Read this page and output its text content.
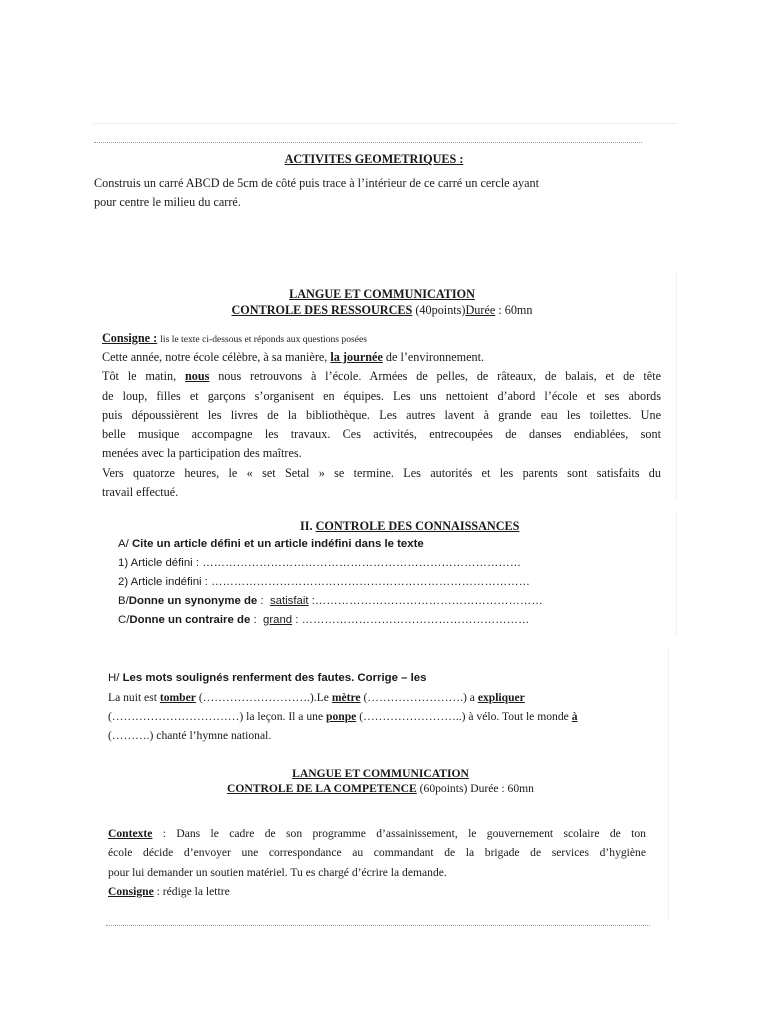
ACTIVITES GEOMETRIQUES :

Construis un carré ABCD de 5cm de côté puis trace à l’intérieur de ce carré un cercle ayant

pour centre le milieu du carré.

LANGUE ET COMMUNICATION
CONTROLE DES RESSOURCES (40points)Durée : 60mn

Consigne : lis le texte ci-dessous et réponds aux questions posées

Cette année, notre école célèbre, à sa manière, la journée de l’environnement.

Tôt le matin, nous nous retrouvons à l’école. Armées de pelles, de râteaux, de balais, et de tête

de loup, filles et garçons s’organisent en équipes. Les uns nettoient d’abord l’école et ses abords

puis dépoussièrent les livres de la bibliothèque. Les autres lavent à grande eau les toilettes. Une

belle musique accompagne les travaux. Ces activités, entrecoupées de danses endiablées, sont

menées avec la participation des maîtres.

Vers quatorze heures, le « set Setal » se termine. Les autorités et les parents sont satisfaits du

travail effectué.

II. CONTROLE DES CONNAISSANCES

A/ Cite un article défini et un article indéfini dans le texte

1) Article défini : …………………………………………………………………………

2) Article indéfini : …………………………………………………………………………

B/Donne un synonyme de : satisfait :……………………………………………………

C/Donne un contraire de : grand : ……………………………………………………

H/ Les mots soulignés renferment des fautes. Corrige – les

La nuit est tomber (……………………….).Le mètre (…………………….) a expliquer

(……………………………) la leçon. Il a une ponpe (……………………..) à vélo. Tout le monde à

(……….) chanté l’hymne national.

LANGUE ET COMMUNICATION
CONTROLE DE LA COMPETENCE (60points) Durée : 60mn

Contexte : Dans le cadre de son programme d’assainissement, le gouvernement scolaire de ton

école décide d’envoyer une correspondance au commandant de la brigade de services d’hygiène

pour lui demander un soutien matériel. Tu es chargé d’écrire la demande.

Consigne : rédige la lettre
